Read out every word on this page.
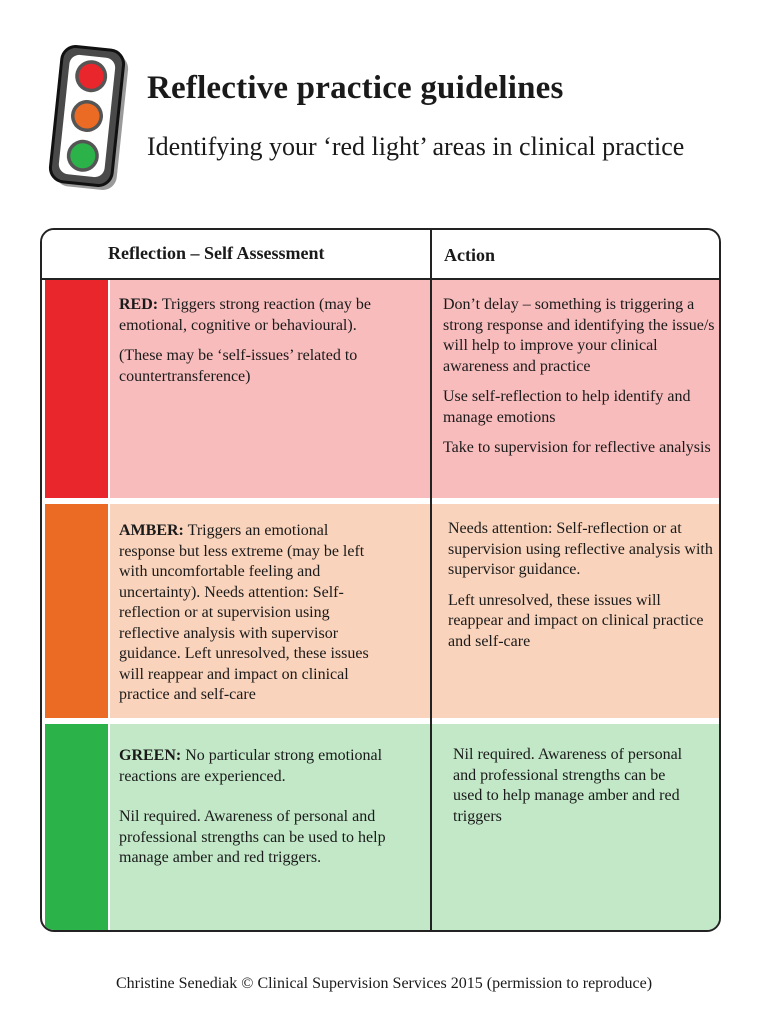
Reflective practice guidelines
Identifying your ‘red light’ areas in clinical practice
Reflection – Self Assessment	Action

RED: Triggers strong reaction (may be emotional, cognitive or behavioural).

(These may be ‘self-issues’ related to countertransference)

Don’t delay – something is triggering a strong response and identifying the issue/s will help to improve your clinical awareness and practice

Use self-reflection to help identify and manage emotions

Take to supervision for reflective analysis

AMBER: Triggers an emotional response but less extreme (may be left with uncomfortable feeling and uncertainty). Needs attention: Self-reflection or at supervision using reflective analysis with supervisor guidance. Left unresolved, these issues will reappear and impact on clinical practice and self-care

Needs attention: Self-reflection or at supervision using reflective analysis with supervisor guidance.

Left unresolved, these issues will reappear and impact on clinical practice and self-care

GREEN: No particular strong emotional reactions are experienced.

Nil required. Awareness of personal and professional strengths can be used to help manage amber and red triggers.

Nil required. Awareness of personal and professional strengths can be used to help manage amber and red triggers

Christine Senediak © Clinical Supervision Services 2015 (permission to reproduce)
